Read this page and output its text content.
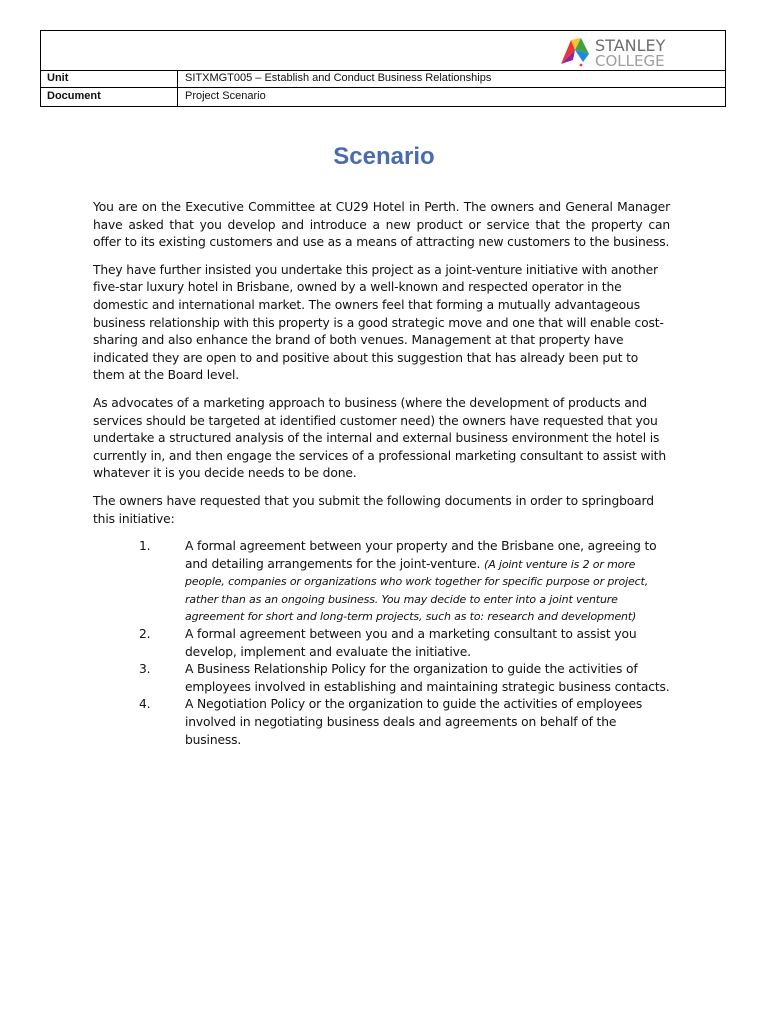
STANLEY
COLLEGE
Unit	SITXMGT005 – Establish and Conduct Business Relationships
Document	Project Scenario
Scenario

You are on the Executive Committee at CU29 Hotel in Perth. The owners and General Manager have asked that you develop and introduce a new product or service that the property can offer to its existing customers and use as a means of attracting new customers to the business.

They have further insisted you undertake this project as a joint-venture initiative with another five-star luxury hotel in Brisbane, owned by a well-known and respected operator in the domestic and international market. The owners feel that forming a mutually advantageous business relationship with this property is a good strategic move and one that will enable cost-sharing and also enhance the brand of both venues. Management at that property have indicated they are open to and positive about this suggestion that has already been put to them at the Board level.

As advocates of a marketing approach to business (where the development of products and services should be targeted at identified customer need) the owners have requested that you undertake a structured analysis of the internal and external business environment the hotel is currently in, and then engage the services of a professional marketing consultant to assist with whatever it is you decide needs to be done.

The owners have requested that you submit the following documents in order to springboard this initiative:

1.	A formal agreement between your property and the Brisbane one, agreeing to and detailing arrangements for the joint-venture. (A joint venture is 2 or more people, companies or organizations who work together for specific purpose or project, rather than as an ongoing business. You may decide to enter into a joint venture agreement for short and long-term projects, such as to: research and development)
2.	A formal agreement between you and a marketing consultant to assist you develop, implement and evaluate the initiative.
3.	A Business Relationship Policy for the organization to guide the activities of employees involved in establishing and maintaining strategic business contacts.
4.	A Negotiation Policy or the organization to guide the activities of employees involved in negotiating business deals and agreements on behalf of the business.
